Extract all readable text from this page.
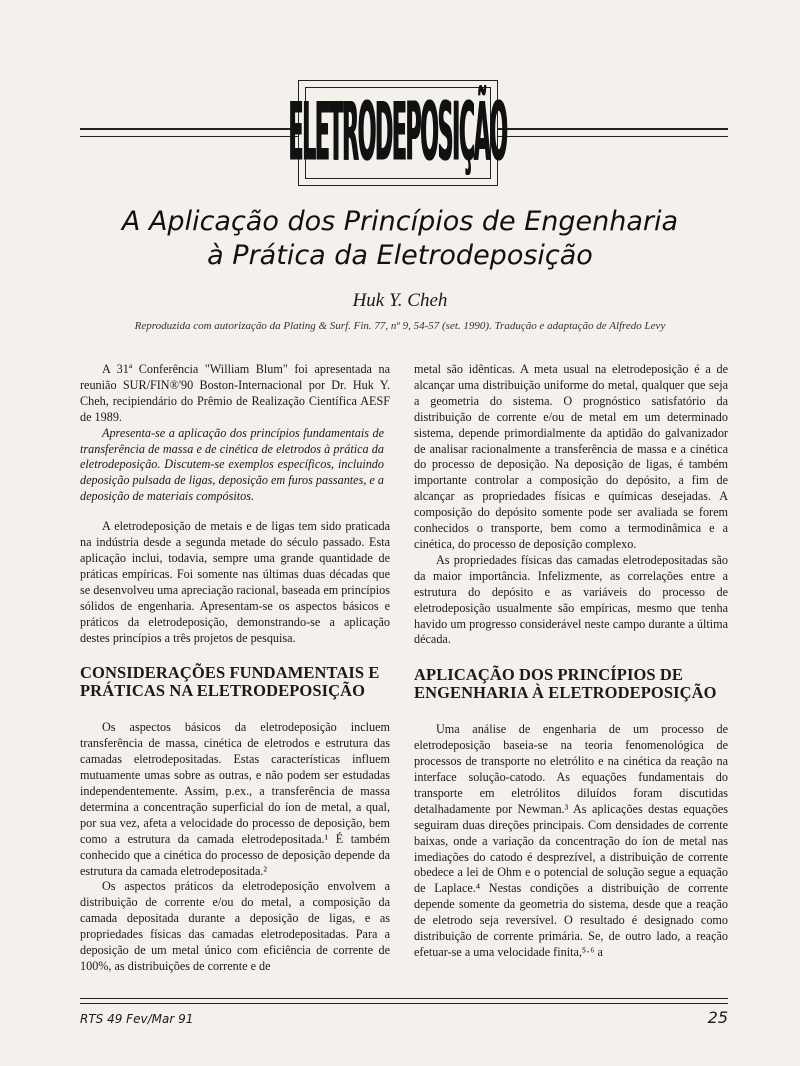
ELETRODEPOSIÇÃO
A Aplicação dos Princípios de Engenharia
à Prática da Eletrodeposição
Huk Y. Cheh
Reproduzida com autorização da Plating & Surf. Fin. 77, nº 9, 54-57 (set. 1990). Tradução e adaptação de Alfredo Levy

A 31ª Conferência "William Blum" foi apresentada na reunião SUR/FIN®'90 Boston-Internacional por Dr. Huk Y. Cheh, recipiendário do Prêmio de Realização Científica AESF de 1989.

Apresenta-se a aplicação dos princípios fundamentais de transferência de massa e de cinética de eletrodos à prática da eletrodeposição. Discutem-se exemplos específicos, incluindo deposição pulsada de ligas, deposição em furos passantes, e a deposição de materiais compósitos.

A eletrodeposição de metais e de ligas tem sido praticada na indústria desde a segunda metade do século passado. Esta aplicação inclui, todavia, sempre uma grande quantidade de práticas empíricas. Foi somente nas últimas duas décadas que se desenvolveu uma apreciação racional, baseada em princípios sólidos de engenharia. Apresentam-se os aspectos básicos e práticos da eletrodeposição, demonstrando-se a aplicação destes princípios a três projetos de pesquisa.

CONSIDERAÇÕES FUNDAMENTAIS E PRÁTICAS NA ELETRODEPOSIÇÃO

Os aspectos básicos da eletrodeposição incluem transferência de massa, cinética de eletrodos e estrutura das camadas eletrodepositadas. Estas características influem mutuamente umas sobre as outras, e não podem ser estudadas independentemente. Assim, p.ex., a transferência de massa determina a concentração superficial do íon de metal, a qual, por sua vez, afeta a velocidade do processo de deposição, bem como a estrutura da camada eletrodepositada.¹ É também conhecido que a cinética do processo de deposição depende da estrutura da camada eletrodepositada.²

Os aspectos práticos da eletrodeposição envolvem a distribuição de corrente e/ou do metal, a composição da camada depositada durante a deposição de ligas, e as propriedades físicas das camadas eletrodepositadas. Para a deposição de um metal único com eficiência de corrente de 100%, as distribuições de corrente e de

metal são idênticas. A meta usual na eletrodeposição é a de alcançar uma distribuição uniforme do metal, qualquer que seja a geometria do sistema. O prognóstico satisfatório da distribuição de corrente e/ou de metal em um determinado sistema, depende primordialmente da aptidão do galvanizador de analisar racionalmente a transferência de massa e a cinética do processo de deposição. Na deposição de ligas, é também importante controlar a composição do depósito, a fim de alcançar as propriedades físicas e químicas desejadas. A composição do depósito somente pode ser avaliada se forem conhecidos o transporte, bem como a termodinâmica e a cinética, do processo de deposição complexo.

As propriedades físicas das camadas eletrodepositadas são da maior importância. Infelizmente, as correlações entre a estrutura do depósito e as variáveis do processo de eletrodeposição usualmente são empíricas, mesmo que tenha havido um progresso considerável neste campo durante a última década.

APLICAÇÃO DOS PRINCÍPIOS DE ENGENHARIA À ELETRODEPOSIÇÃO

Uma análise de engenharia de um processo de eletrodeposição baseia-se na teoria fenomenológica de processos de transporte no eletrólito e na cinética da reação na interface solução-catodo. As equações fundamentais do transporte em eletrólitos diluídos foram discutidas detalhadamente por Newman.³ As aplicações destas equações seguiram duas direções principais. Com densidades de corrente baixas, onde a variação da concentração do íon de metal nas imediações do catodo é desprezível, a distribuição de corrente obedece a lei de Ohm e o potencial de solução segue a equação de Laplace.⁴ Nestas condições a distribuição de corrente depende somente da geometria do sistema, desde que a reação de eletrodo seja reversível. O resultado é designado como distribuição de corrente primária. Se, de outro lado, a reação efetuar-se a uma velocidade finita,⁵·⁶ a

RTS 49 Fev/Mar 91	25
